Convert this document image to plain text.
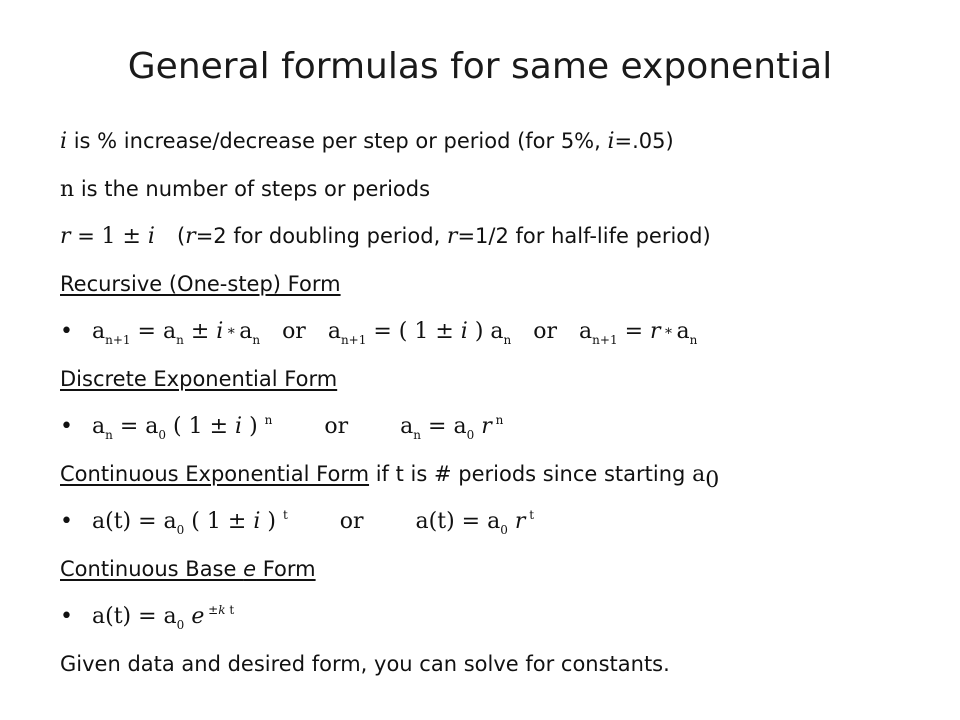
General formulas for same exponential
i is % increase/decrease per step or period (for 5%, i=.05)
n is the number of steps or periods
r = 1 ± i (r=2 for doubling period, r=1/2 for half-life period)
Recursive (One-step) Form
• $a_{n+1} = a_n \pm i * a_n$ or $a_{n+1}$ = ( 1 ± i ) $a_n$ or $a_{n+1} = r * a_n$
Discrete Exponential Form
• $a_n = a_0$ ( 1 ± i ) $^n$ or $a_n = a_0$ r $^n$
Continuous Exponential Form if t is # periods since starting $a_0$
• $a(t) = a_0$ ( 1 ± i ) $^t$ or $a(t) = a_0$ r $^t$
Continuous Base e Form
• $a(t) = a_0$ e $^{\pm k t}$
Given data and desired form, you can solve for constants.
